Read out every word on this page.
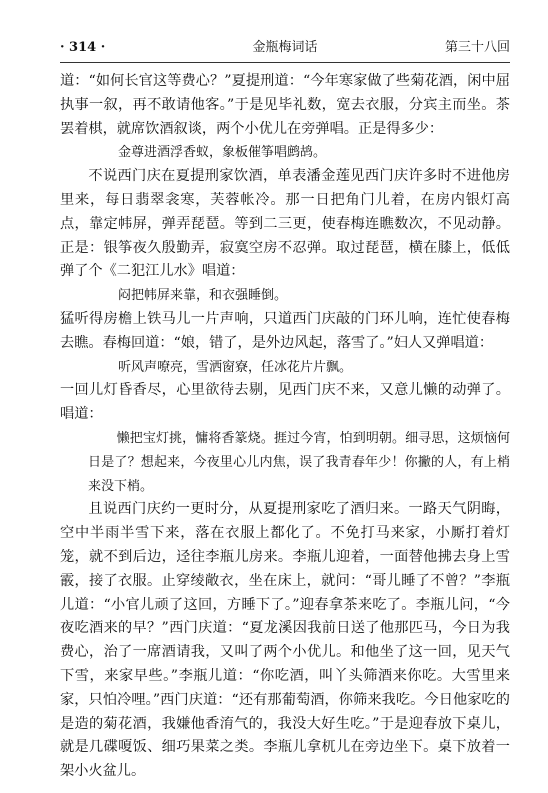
· 314 ·	金瓶梅词话	第三十八回

道：“如何长官这等费心？”夏提刑道：“今年寒家做了些菊花酒，闲中屈执事一叙，再不敢请他客。”于是见毕礼数，宽去衣服，分宾主而坐。茶罢着棋，就席饮酒叙谈，两个小优儿在旁弹唱。正是得多少：

金尊进酒浮香蚁，象板催筝唱鹧鸪。

不说西门庆在夏提刑家饮酒，单表潘金莲见西门庆许多时不进他房里来，每日翡翠衾寒，芙蓉帐冷。那一日把角门儿着，在房内银灯高点，靠定帏屏，弹弄琵琶。等到二三更，使春梅连瞧数次，不见动静。正是：银筝夜久殷勤弄，寂寞空房不忍弹。取过琵琶，横在膝上，低低弹了个《二犯江儿水》唱道：

闷把帏屏来靠，和衣强睡倒。

猛听得房檐上铁马儿一片声响，只道西门庆敲的门环儿响，连忙使春梅去瞧。春梅回道：“娘，错了，是外边风起，落雪了。”妇人又弹唱道：

听风声嘹亮，雪洒窗寮，任冰花片片飘。

一回儿灯昏香尽，心里欲待去剔，见西门庆不来，又意儿懒的动弹了。唱道：

懒把宝灯挑，慵将香篆烧。捱过今宵，怕到明朝。细寻思，这烦恼何日是了？想起来，今夜里心儿内焦，误了我青春年少！你撇的人，有上梢来没下梢。

且说西门庆约一更时分，从夏提刑家吃了酒归来。一路天气阴晦，空中半雨半雪下来，落在衣服上都化了。不免打马来家，小厮打着灯笼，就不到后边，迳往李瓶儿房来。李瓶儿迎着，一面替他拂去身上雪霰，接了衣服。止穿绫敞衣，坐在床上，就问：“哥儿睡了不曾？”李瓶儿道：“小官儿顽了这回，方睡下了。”迎春拿茶来吃了。李瓶儿问，“今夜吃酒来的早？”西门庆道：“夏龙溪因我前日送了他那匹马，今日为我费心，治了一席酒请我，又叫了两个小优儿。和他坐了这一回，见天气下雪，来家早些。”李瓶儿道：“你吃酒，叫丫头筛酒来你吃。大雪里来家，只怕冷哩。”西门庆道：“还有那葡萄酒，你筛来我吃。今日他家吃的是造的菊花酒，我嫌他香淯气的，我没大好生吃。”于是迎春放下桌儿，就是几碟嗄饭、细巧果菜之类。李瓶儿拿杌儿在旁边坐下。桌下放着一架小火盆儿。
